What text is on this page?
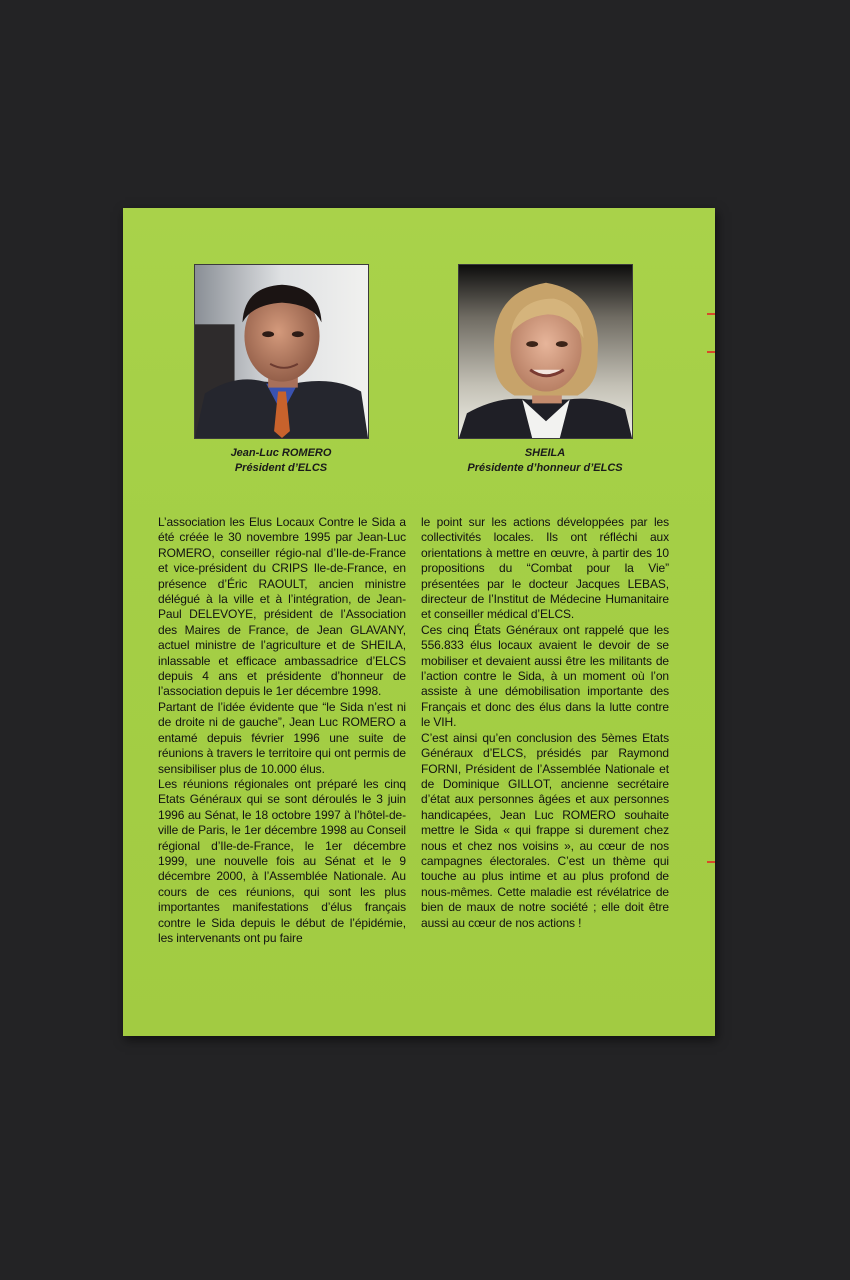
Jean-Luc ROMERO
Président d’ELCS
SHEILA
Présidente d’honneur d’ELCS

L’association les Elus Locaux Contre le Sida a été créée le 30 novembre 1995 par Jean-Luc ROMERO, conseiller régio-nal d’Ile-de-France et vice-président du CRIPS Ile-de-France, en présence d’Éric RAOULT, ancien ministre délégué à la ville et à l’intégration, de Jean-Paul DELEVOYE, président de l’Association des Maires de France, de Jean GLAVANY, actuel ministre de l’agriculture et de SHEILA, inlassable et efficace ambassadrice d’ELCS depuis 4 ans et présidente d’honneur de l’association depuis le 1er décembre 1998.

Partant de l’idée évidente que “le Sida n’est ni de droite ni de gauche”, Jean Luc ROMERO a entamé depuis février 1996 une suite de réunions à travers le territoire qui ont permis de sensibiliser plus de 10.000 élus.

Les réunions régionales ont préparé les cinq Etats Généraux qui se sont déroulés le 3 juin 1996 au Sénat, le 18 octobre 1997 à l’hôtel-de-ville de Paris, le 1er décembre 1998 au Conseil régional d’Ile-de-France, le 1er décembre 1999, une nouvelle fois au Sénat et le 9 décembre 2000, à l’Assemblée Nationale. Au cours de ces réunions, qui sont les plus importantes manifestations d’élus français contre le Sida depuis le début de l’épidémie, les intervenants ont pu faire

le point sur les actions développées par les collectivités locales. Ils ont réfléchi aux orientations à mettre en œuvre, à partir des 10 propositions du “Combat pour la Vie” présentées par le docteur Jacques LEBAS, directeur de l’Institut de Médecine Humanitaire et conseiller médical d’ELCS.

Ces cinq États Généraux ont rappelé que les 556.833 élus locaux avaient le devoir de se mobiliser et devaient aussi être les militants de l’action contre le Sida, à un moment où l’on assiste à une démobilisation importante des Français et donc des élus dans la lutte contre le VIH.

C’est ainsi qu’en conclusion des 5èmes Etats Généraux d’ELCS, présidés par Raymond FORNI, Président de l’Assemblée Nationale et de Dominique GILLOT, ancienne secrétaire d’état aux personnes âgées et aux personnes handicapées, Jean Luc ROMERO souhaite mettre le Sida « qui frappe si durement chez nous et chez nos voisins », au cœur de nos campagnes électorales. C’est un thème qui touche au plus intime et au plus profond de nous-mêmes. Cette maladie est révélatrice de bien de maux de notre société ; elle doit être aussi au cœur de nos actions !
